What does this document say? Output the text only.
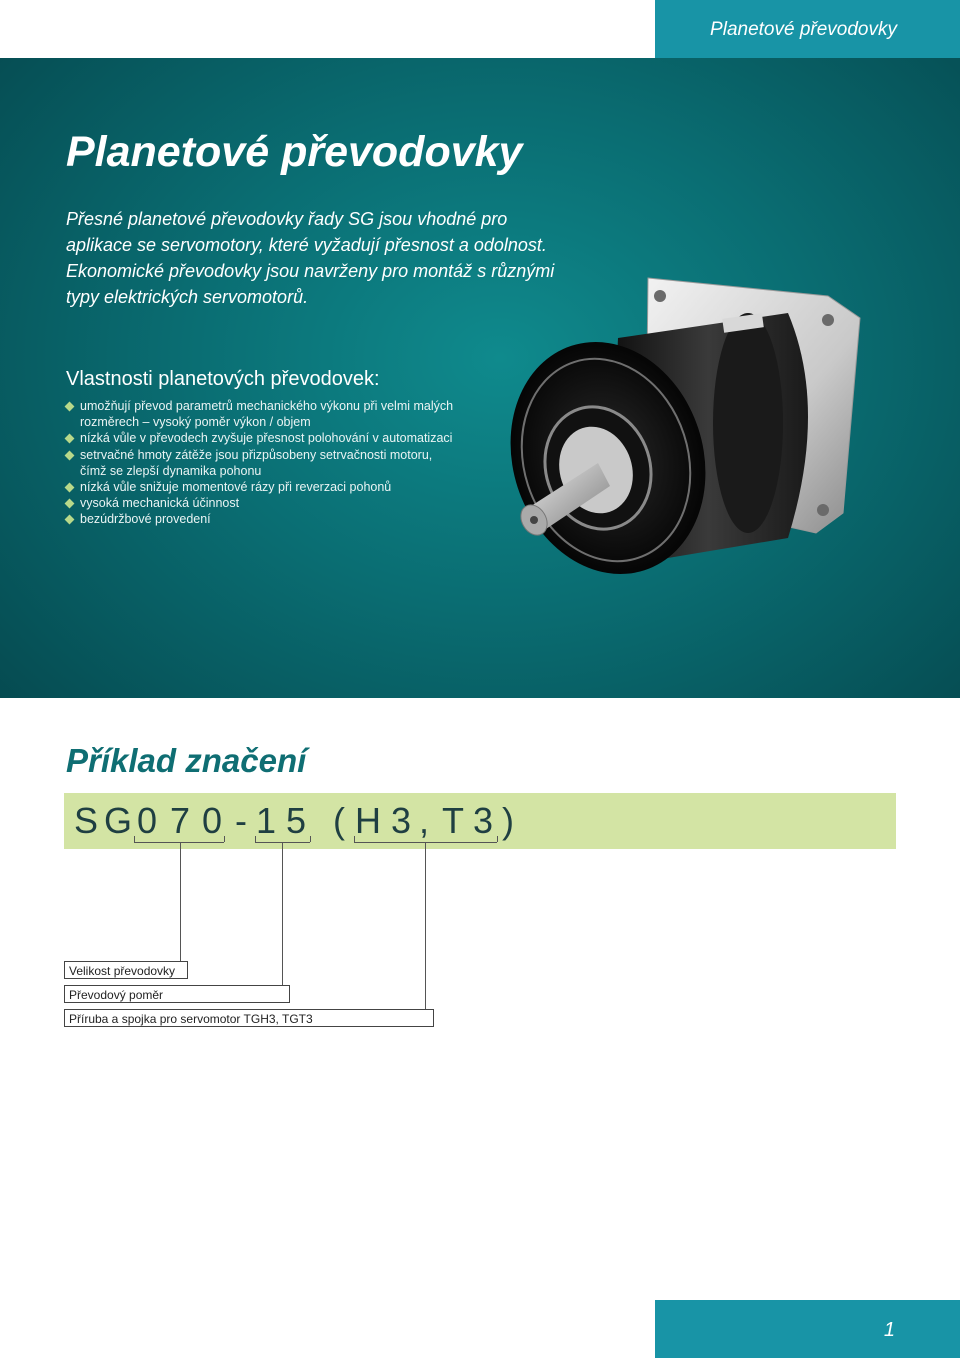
Planetové převodovky
Planetové převodovky

Přesné planetové převodovky řady SG jsou vhodné pro aplikace se servomotory, které vyžadují přesnost a odolnost. Ekonomické převodovky jsou navrženy pro montáž s různými typy elektrických servomotorů.

Vlastnosti planetových převodovek:
umožňují převod parametrů mechanického výkonu při velmi malých rozměrech – vysoký poměr výkon / objem
nízká vůle v převodech zvyšuje přesnost polohování v automatizaci
setrvačné hmoty zátěže jsou přizpůsobeny setrvačnosti motoru, čímž se zlepší dynamika pohonu
nízká vůle snižuje momentové rázy při reverzaci pohonů
vysoká mechanická účinnost
bezúdržbové provedení
Příklad značení
S G 0 7 0 - 1 5 ( H 3 , T 3 )
Velikost převodovky
Převodový poměr
Příruba a spojka pro servomotor TGH3, TGT3
1
